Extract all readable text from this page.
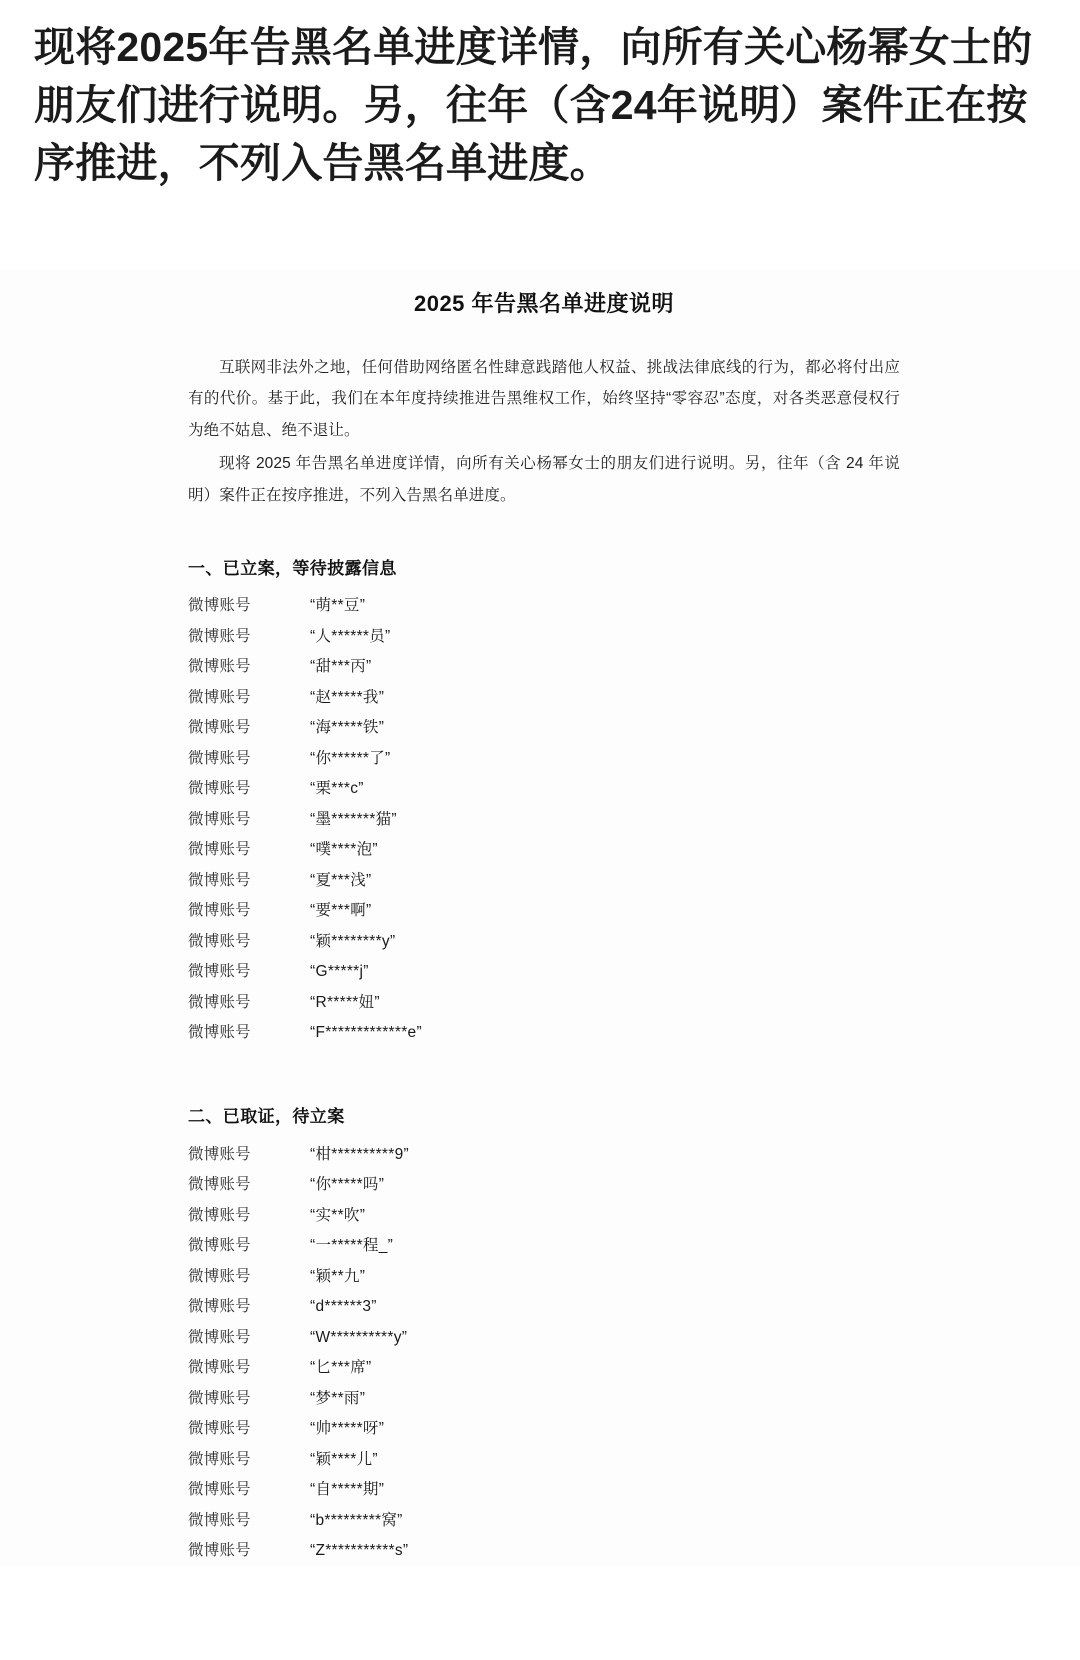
现将2025年告黑名单进度详情，向所有关心杨幂女士的朋友们进行说明。另，往年（含24年说明）案件正在按序推进，不列入告黑名单进度。

2025 年告黑名单进度说明

互联网非法外之地，任何借助网络匿名性肆意践踏他人权益、挑战法律底线的行为，都必将付出应有的代价。基于此，我们在本年度持续推进告黑维权工作，始终坚持“零容忍”态度，对各类恶意侵权行为绝不姑息、绝不退让。

现将 2025 年告黑名单进度详情，向所有关心杨幂女士的朋友们进行说明。另，往年（含 24 年说明）案件正在按序推进，不列入告黑名单进度。

一、已立案，等待披露信息
微博账号	“萌**豆”
微博账号	“人******员”
微博账号	“甜***丙”
微博账号	“赵*****我”
微博账号	“海*****铁”
微博账号	“你******了”
微博账号	“栗***c”
微博账号	“墨*******猫”
微博账号	“噗****泡”
微博账号	“夏***浅”
微博账号	“要***啊”
微博账号	“颖********y”
微博账号	“G*****j”
微博账号	“R*****妞”
微博账号	“F*************e”
二、已取证，待立案
微博账号	“柑**********9”
微博账号	“你*****吗”
微博账号	“实**吹”
微博账号	“一*****程_”
微博账号	“颖**九”
微博账号	“d******3”
微博账号	“W**********y”
微博账号	“匕***席”
微博账号	“梦**雨”
微博账号	“帅*****呀”
微博账号	“颖****儿”
微博账号	“自*****期”
微博账号	“b*********窝”
微博账号	“Z***********s”
